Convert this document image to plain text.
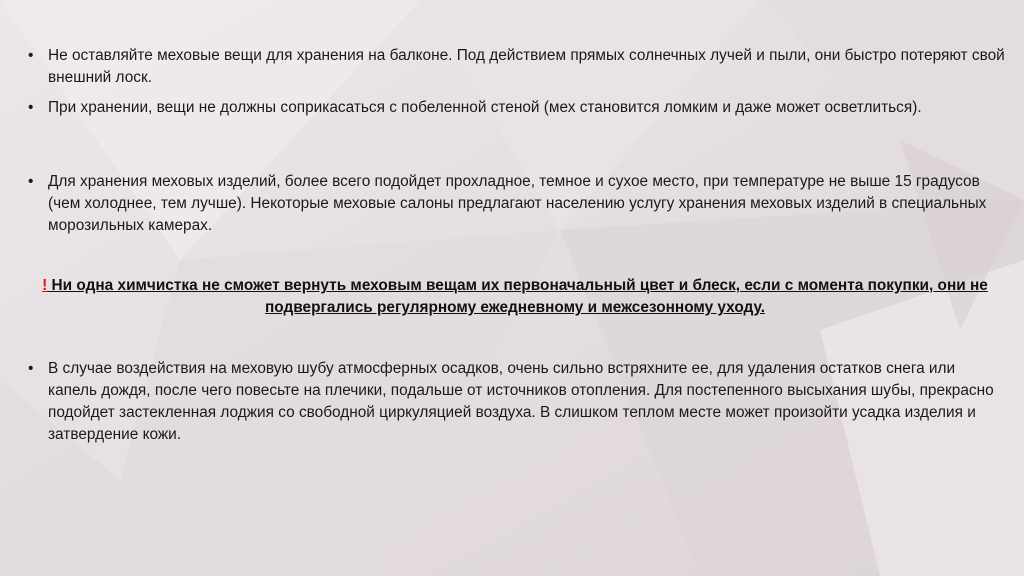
• Не оставляйте меховые вещи для хранения на балконе. Под действием прямых солнечных лучей и пыли, они быстро потеряют свой внешний лоск.
• При хранении, вещи не должны соприкасаться с побеленной стеной (мех становится ломким и даже может осветлиться).
• Для хранения меховых изделий, более всего подойдет прохладное, темное и сухое место, при температуре не выше 15 градусов (чем холоднее, тем лучше). Некоторые меховые салоны предлагают населению услугу хранения меховых изделий в специальных морозильных камерах.
! Ни одна химчистка не сможет вернуть меховым вещам их первоначальный цвет и блеск, если с момента покупки, они не подвергались регулярному ежедневному и межсезонному уходу.
• В случае воздействия на меховую шубу атмосферных осадков, очень сильно встряхните ее, для удаления остатков снега или капель дождя, после чего повесьте на плечики, подальше от источников отопления. Для постепенного высыхания шубы, прекрасно подойдет застекленная лоджия со свободной циркуляцией воздуха. В слишком теплом месте может произойти усадка изделия и затвердение кожи.
